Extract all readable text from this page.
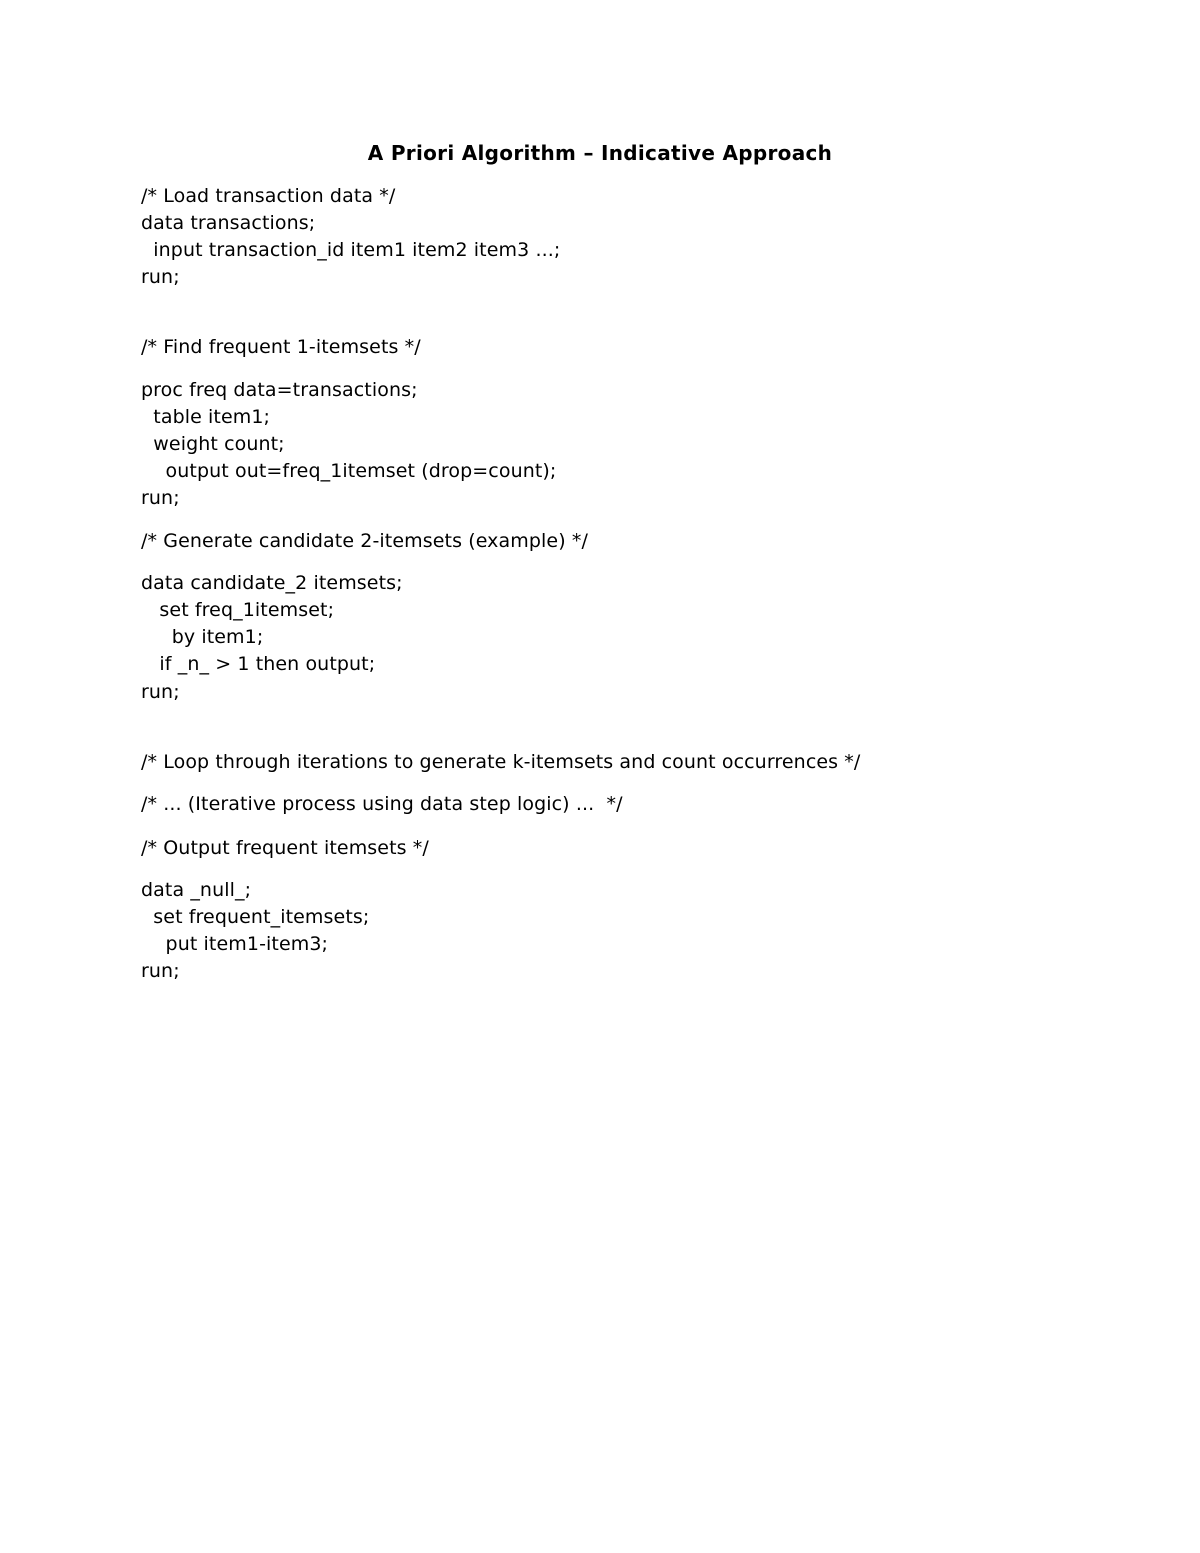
A Priori Algorithm – Indicative Approach
/* Load transaction data */
data transactions;
input transaction_id item1 item2 item3 ...;
run;
/* Find frequent 1-itemsets */
proc freq data=transactions;
table item1;
weight count;
output out=freq_1itemset (drop=count);
run;
/* Generate candidate 2-itemsets (example) */
data candidate_2 itemsets;
set freq_1itemset;
by item1;
if _n_ > 1 then output;
run;
/* Loop through iterations to generate k-itemsets and count occurrences */
/* ... (Iterative process using data step logic) ...  */
/* Output frequent itemsets */
data _null_;
set frequent_itemsets;
put item1-item3;
run;
